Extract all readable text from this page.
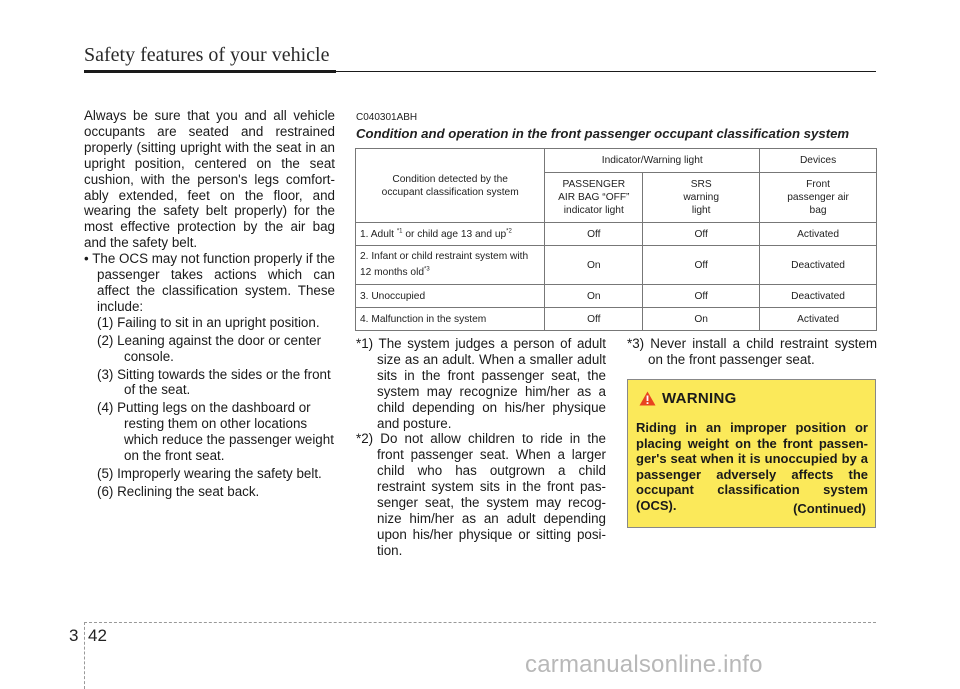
Safety features of your vehicle

Always be sure that you and all vehicle occupants are seated and restrained properly (sitting upright with the seat in an upright position, centered on the seat cushion, with the person's legs comfort-ably extended, feet on the floor, and wearing the safety belt properly) for the most effective protection by the air bag and the safety belt.

• The OCS may not function properly if the passenger takes actions which can affect the classification system. These include:

(1) Failing to sit in an upright position.
(2) Leaning against the door or center console.
(3) Sitting towards the sides or the front of the seat.
(4) Putting legs on the dashboard or resting them on other locations which reduce the passenger weight on the front seat.
(5) Improperly wearing the safety belt.
(6) Reclining the seat back.
C040301ABH
Condition and operation in the front passenger occupant classification system
Condition detected by the occupant classification system	Indicator/Warning light		Devices
	PASSENGER AIR BAG “OFF” indicator light	SRS warning light	Front passenger air bag
1. Adult $^{*1}$ or child age 13 and $up^{*2}$	Off	Off	Activated
2. Infant or child restraint system with 12 months old$^{*3}$	On	Off	Deactivated
3. Unoccupied	On	Off	Deactivated
4. Malfunction in the system	Off	On	Activated

*1) The system judges a person of adult size as an adult. When a smaller adult sits in the front passenger seat, the system may recognize him/her as a child depending on his/her physique and posture.

*2) Do not allow children to ride in the front passenger seat. When a larger child who has outgrown a child restraint system sits in the front pas-senger seat, the system may recog-nize him/her as an adult depending upon his/her physique or sitting posi-tion.

*3) Never install a child restraint system on the front passenger seat.

WARNING
Riding in an improper position or placing weight on the front passen-ger's seat when it is unoccupied by a passenger adversely affects the occupant classification system (OCS).	(Continued)
3 42
carmanualsonline.info
